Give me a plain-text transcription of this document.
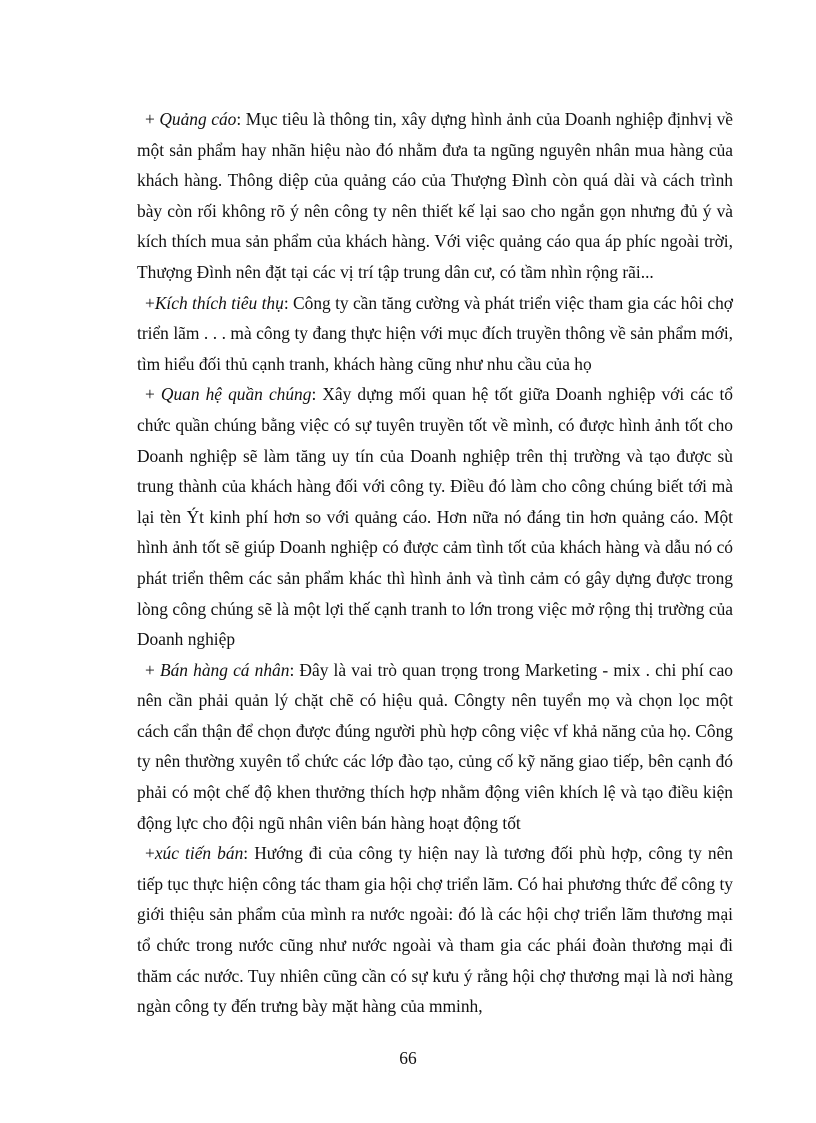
+ Quảng cáo: Mục tiêu là thông tin, xây dựng hình ảnh của Doanh nghiệp địnhvị về một sản phẩm hay nhãn hiệu nào đó nhằm đưa ta ngũng nguyên nhân mua hàng của khách hàng. Thông diệp của quảng cáo của Thượng Đình còn quá dài và cách trình bày còn rối không rõ ý nên công ty nên thiết kế lại sao cho ngắn gọn nhưng đủ ý và kích thích mua sản phẩm của khách hàng. Với việc quảng cáo qua áp phíc ngoài trời, Thượng Đình nên đặt tại các vị trí tập trung dân cư, có tầm nhìn rộng rãi...

+Kích thích tiêu thụ: Công ty cần tăng cường và phát triển việc tham gia các hôi chợ triển lãm . . . mà công ty đang thực hiện với mục đích truyền thông về sản phẩm mới, tìm hiểu đối thủ cạnh tranh, khách hàng cũng như nhu cầu của họ

+ Quan hệ quần chúng: Xây dựng mối quan hệ tốt giữa Doanh nghiệp với các tổ chức quần chúng bằng việc có sự tuyên truyền tốt về mình, có được hình ảnh tốt cho Doanh nghiệp sẽ làm tăng uy tín của Doanh nghiệp trên thị trường và tạo được sù trung thành của khách hàng đối với công ty. Điều đó làm cho công chúng biết tới mà lại tèn Ýt kinh phí hơn so với quảng cáo. Hơn nữa nó đáng tin hơn quảng cáo. Một hình ảnh tốt sẽ giúp Doanh nghiệp có được cảm tình tốt của khách hàng và dẫu nó có phát triển thêm các sản phẩm khác thì hình ảnh và tình cảm có gây dựng được trong lòng công chúng sẽ là một lợi thế cạnh tranh to lớn trong việc mở rộng thị trường của Doanh nghiệp

+ Bán hàng cá nhân: Đây là vai trò quan trọng trong Marketing - mix . chi phí cao nên cần phải quản lý chặt chẽ có hiệu quả. Côngty nên tuyển mọ và chọn lọc một cách cẩn thận để chọn được đúng người phù hợp công việc vf khả năng của họ. Công ty nên thường xuyên tổ chức các lớp đào tạo, củng cố kỹ năng giao tiếp, bên cạnh đó phải có một chế độ khen thưởng thích hợp nhằm động viên khích lệ và tạo điều kiện động lực cho đội ngũ nhân viên bán hàng hoạt động tốt

+xúc tiến bán: Hướng đi của công ty hiện nay là tương đối phù hợp, công ty nên tiếp tục thực hiện công tác tham gia hội chợ triển lãm. Có hai phương thức để công ty giới thiệu sản phẩm của mình ra nước ngoài: đó là các hội chợ triển lãm thương mại tổ chức trong nước cũng như nước ngoài và tham gia các phái đoàn thương mại đi thăm các nước. Tuy nhiên cũng cần có sự kưu ý rằng hội chợ thương mại là nơi hàng ngàn công ty đến trưng bày mặt hàng của mminh,

66
